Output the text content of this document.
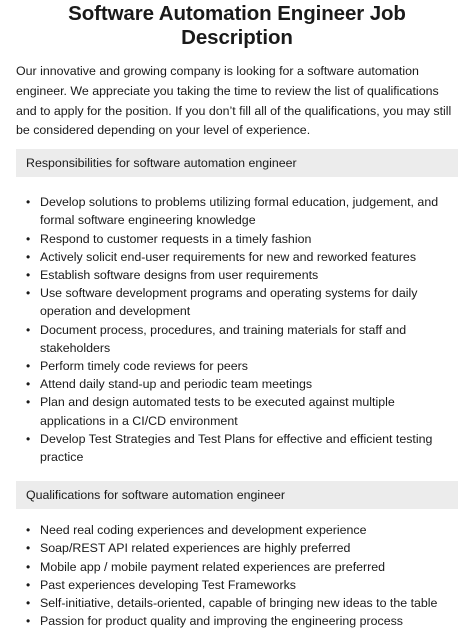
Software Automation Engineer Job Description

Our innovative and growing company is looking for a software automation engineer. We appreciate you taking the time to review the list of qualifications and to apply for the position. If you don’t fill all of the qualifications, you may still be considered depending on your level of experience.

Responsibilities for software automation engineer
• Develop solutions to problems utilizing formal education, judgement, and formal software engineering knowledge
• Respond to customer requests in a timely fashion
• Actively solicit end-user requirements for new and reworked features
• Establish software designs from user requirements
• Use software development programs and operating systems for daily operation and development
• Document process, procedures, and training materials for staff and stakeholders
• Perform timely code reviews for peers
• Attend daily stand-up and periodic team meetings
• Plan and design automated tests to be executed against multiple applications in a CI/CD environment
• Develop Test Strategies and Test Plans for effective and efficient testing practice
Qualifications for software automation engineer
• Need real coding experiences and development experience
• Soap/REST API related experiences are highly preferred
• Mobile app / mobile payment related experiences are preferred
• Past experiences developing Test Frameworks
• Self-initiative, details-oriented, capable of bringing new ideas to the table
• Passion for product quality and improving the engineering process
